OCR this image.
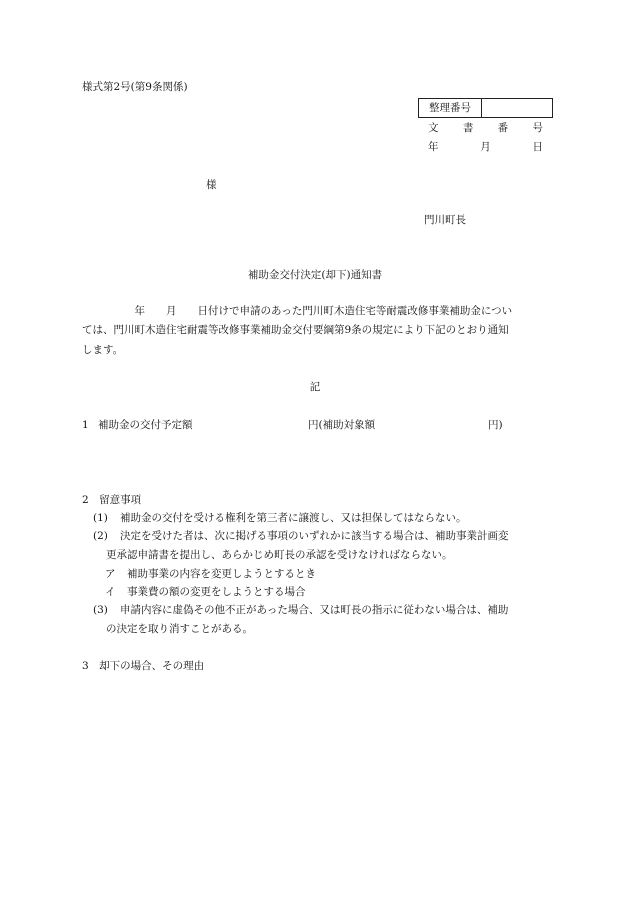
様式第2号(第9条関係)
整理番号	
文 書 番 号
年	月	日
様
門川町長
補助金交付決定(却下)通知書
　　　　　年　　月　　日付けで申請のあった門川町木造住宅等耐震改修事業補助金につい
ては、門川町木造住宅耐震等改修事業補助金交付要綱第9条の規定により下記のとおり通知
します。
記
1 補助金の交付予定額	円(補助対象額	円)
2　留意事項
(1) 補助金の交付を受ける権利を第三者に譲渡し、又は担保してはならない。
(2) 決定を受けた者は、次に掲げる事項のいずれかに該当する場合は、補助事業計画変
更承認申請書を提出し、あらかじめ町長の承認を受けなければならない。
ア 補助事業の内容を変更しようとするとき
イ 事業費の額の変更をしようとする場合
(3) 申請内容に虚偽その他不正があった場合、又は町長の指示に従わない場合は、補助
の決定を取り消すことがある。
3　却下の場合、その理由
